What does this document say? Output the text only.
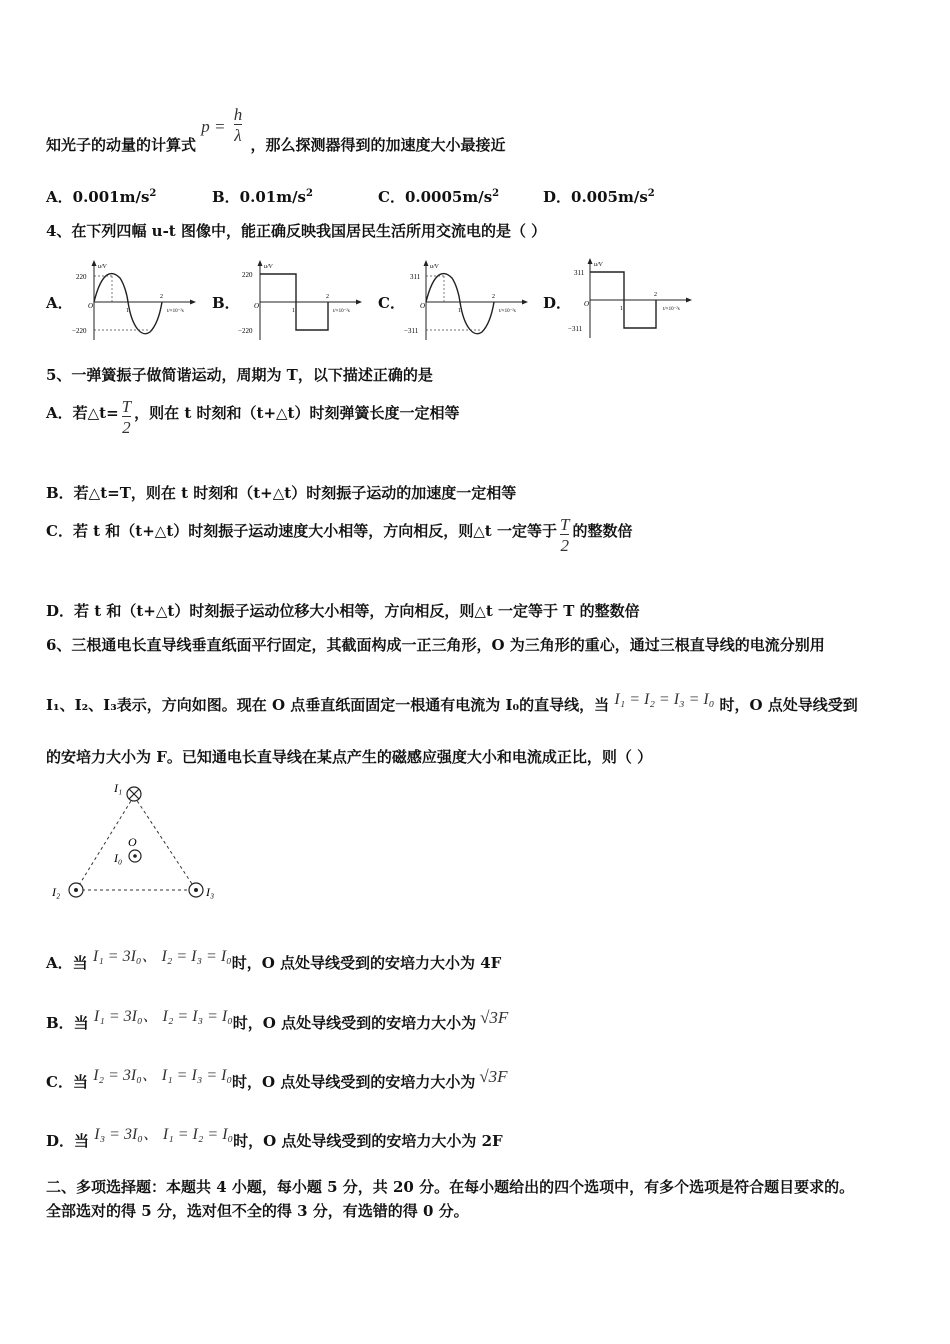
知光子的动量的计算式 $p = \frac{h}{\lambda}$ ，那么探测器得到的加速度大小最接近
A．$0.001m/s^2$	B．$0.01m/s^2$	C．$0.0005m/s^2$	D．$0.005m/s^2$
4、在下列四幅 u-t 图像中，能正确反映我国居民生活所用交流电的是（ ）
A．
220
−220
O
u/V
t/×10⁻²s
1
2	B．
220
−220
O
u/V
t/×10⁻²s
1
2	C．
311
−311
O
u/V
t/×10⁻²s
1
2	D．
311
−311
O
u/V
t/×10⁻²s
1
2
5、一弹簧振子做简谐运动，周期为 T，以下描述正确的是
A．若△t= $\frac{T}{2}$ ，则在 t 时刻和（t+△t）时刻弹簧长度一定相等
B．若△t=T，则在 t 时刻和（t+△t）时刻振子运动的加速度一定相等
C．若 t 和（t+△t）时刻振子运动速度大小相等，方向相反，则△t 一定等于 $\frac{T}{2}$ 的整数倍
D．若 t 和（t+△t）时刻振子运动位移大小相等，方向相反，则△t 一定等于 T 的整数倍
6、三根通电长直导线垂直纸面平行固定，其截面构成一正三角形，O 为三角形的重心，通过三根直导线的电流分别用
I₁、I₂、I₃表示，方向如图。现在 O 点垂直纸面固定一根通有电流为 I₀的直导线，当 I₁ = I₂ = I₃ = I₀ 时，O 点处导线受到
的安培力大小为 F。已知通电长直导线在某点产生的磁感应强度大小和电流成正比，则（ ）
I₁
I₂	I₃
O
I₀
A．当 I₁ = 3I₀、 I₂ = I₃ = I₀时，O 点处导线受到的安培力大小为 4F
B．当 I₁ = 3I₀、 I₂ = I₃ = I₀时，O 点处导线受到的安培力大小为 √3F
C．当 I₂ = 3I₀、 I₁ = I₃ = I₀时，O 点处导线受到的安培力大小为 √3F
D．当 I₃ = 3I₀、 I₁ = I₂ = I₀时，O 点处导线受到的安培力大小为 2F
二、多项选择题：本题共 4 小题，每小题 5 分，共 20 分。在每小题给出的四个选项中，有多个选项是符合题目要求的。
全部选对的得 5 分，选对但不全的得 3 分，有选错的得 0 分。
